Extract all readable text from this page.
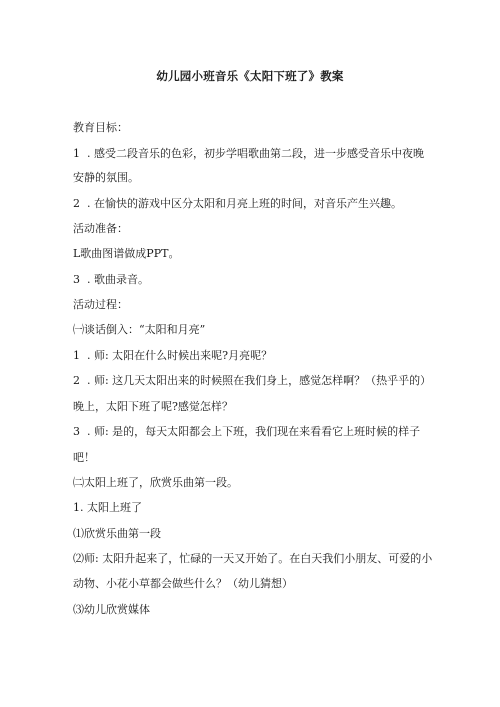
幼儿园小班音乐《太阳下班了》教案
教育目标：
1  . 感受二段音乐的色彩，初步学唱歌曲第二段，进一步感受音乐中夜晚
安静的氛围。
2  . 在愉快的游戏中区分太阳和月亮上班的时间，对音乐产生兴趣。
活动准备：
L歌曲图谱做成PPT。
3  . 歌曲录音。
活动过程：
㈠谈话倒入：“太阳和月亮”
1  . 师: 太阳在什么时候出来呢?月亮呢？
2  . 师: 这几天太阳出来的时候照在我们身上，感觉怎样啊？（热乎乎的）
晚上，太阳下班了呢?感觉怎样？
3  . 师: 是的，每天太阳都会上下班，我们现在来看看它上班时候的样子
吧！
㈡太阳上班了，欣赏乐曲第一段。
1. 太阳上班了
⑴欣赏乐曲第一段
⑵师: 太阳升起来了，忙碌的一天又开始了。在白天我们小朋友、可爱的小
动物、小花小草都会做些什么？（幼儿猜想）
⑶幼儿欣赏媒体
